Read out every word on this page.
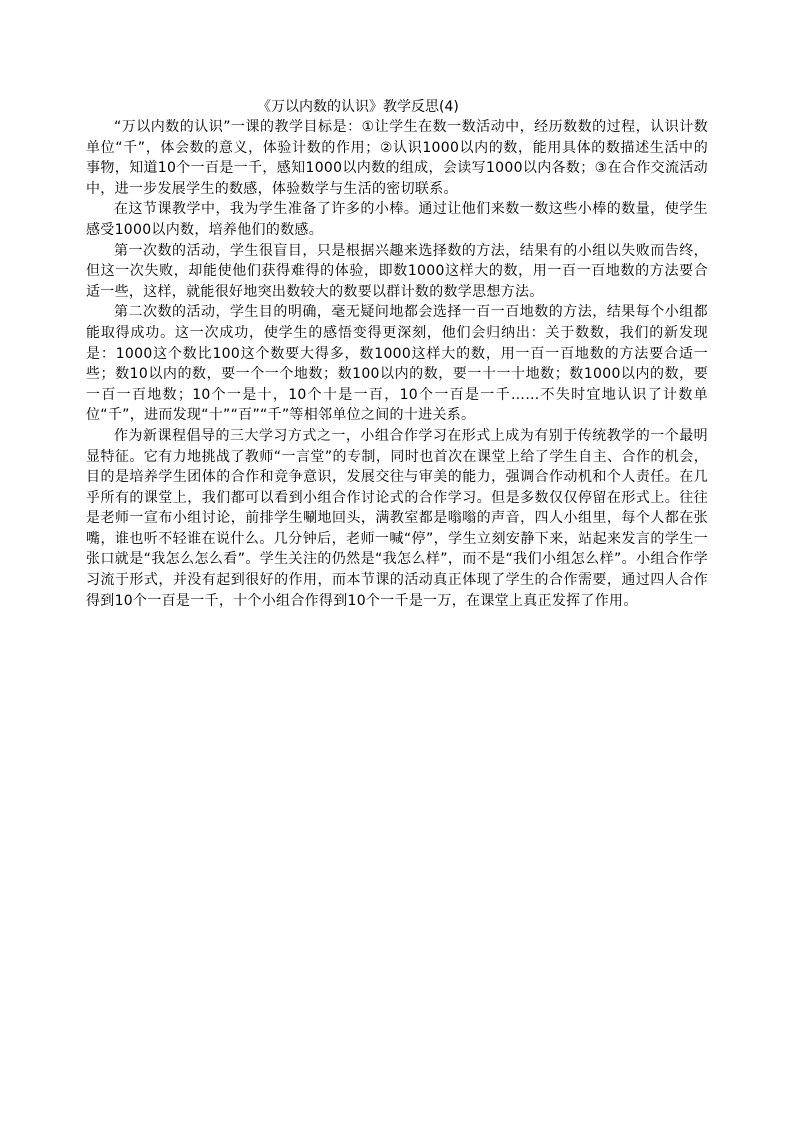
《万以内数的认识》教学反思(4)

“万以内数的认识”一课的教学目标是：①让学生在数一数活动中，经历数数的过程，认识计数单位“千”，体会数的意义，体验计数的作用；②认识1000以内的数，能用具体的数描述生活中的事物，知道10个一百是一千，感知1000以内数的组成，会读写1000以内各数；③在合作交流活动中，进一步发展学生的数感，体验数学与生活的密切联系。

在这节课教学中，我为学生准备了许多的小棒。通过让他们来数一数这些小棒的数量，使学生感受1000以内数，培养他们的数感。

第一次数的活动，学生很盲目，只是根据兴趣来选择数的方法，结果有的小组以失败而告终，但这一次失败，却能使他们获得难得的体验，即数1000这样大的数，用一百一百地数的方法要合适一些，这样，就能很好地突出数较大的数要以群计数的数学思想方法。

第二次数的活动，学生目的明确，毫无疑问地都会选择一百一百地数的方法，结果每个小组都能取得成功。这一次成功，使学生的感悟变得更深刻，他们会归纳出：关于数数，我们的新发现是：1000这个数比100这个数要大得多，数1000这样大的数，用一百一百地数的方法要合适一些；数10以内的数，要一个一个地数；数100以内的数，要一十一十地数；数1000以内的数，要一百一百地数；10个一是十，10个十是一百，10个一百是一千……不失时宜地认识了计数单位“千”，进而发现“十”“百”“千”等相邻单位之间的十进关系。

作为新课程倡导的三大学习方式之一，小组合作学习在形式上成为有别于传统教学的一个最明显特征。它有力地挑战了教师“一言堂”的专制，同时也首次在课堂上给了学生自主、合作的机会，目的是培养学生团体的合作和竞争意识，发展交往与审美的能力，强调合作动机和个人责任。在几乎所有的课堂上，我们都可以看到小组合作讨论式的合作学习。但是多数仅仅停留在形式上。往往是老师一宣布小组讨论，前排学生唰地回头，满教室都是嗡嗡的声音，四人小组里，每个人都在张嘴，谁也听不轻谁在说什么。几分钟后，老师一喊“停”，学生立刻安静下来，站起来发言的学生一张口就是“我怎么怎么看”。学生关注的仍然是“我怎么样”，而不是“我们小组怎么样”。小组合作学习流于形式，并没有起到很好的作用，而本节课的活动真正体现了学生的合作需要，通过四人合作得到10个一百是一千，十个小组合作得到10个一千是一万，在课堂上真正发挥了作用。
